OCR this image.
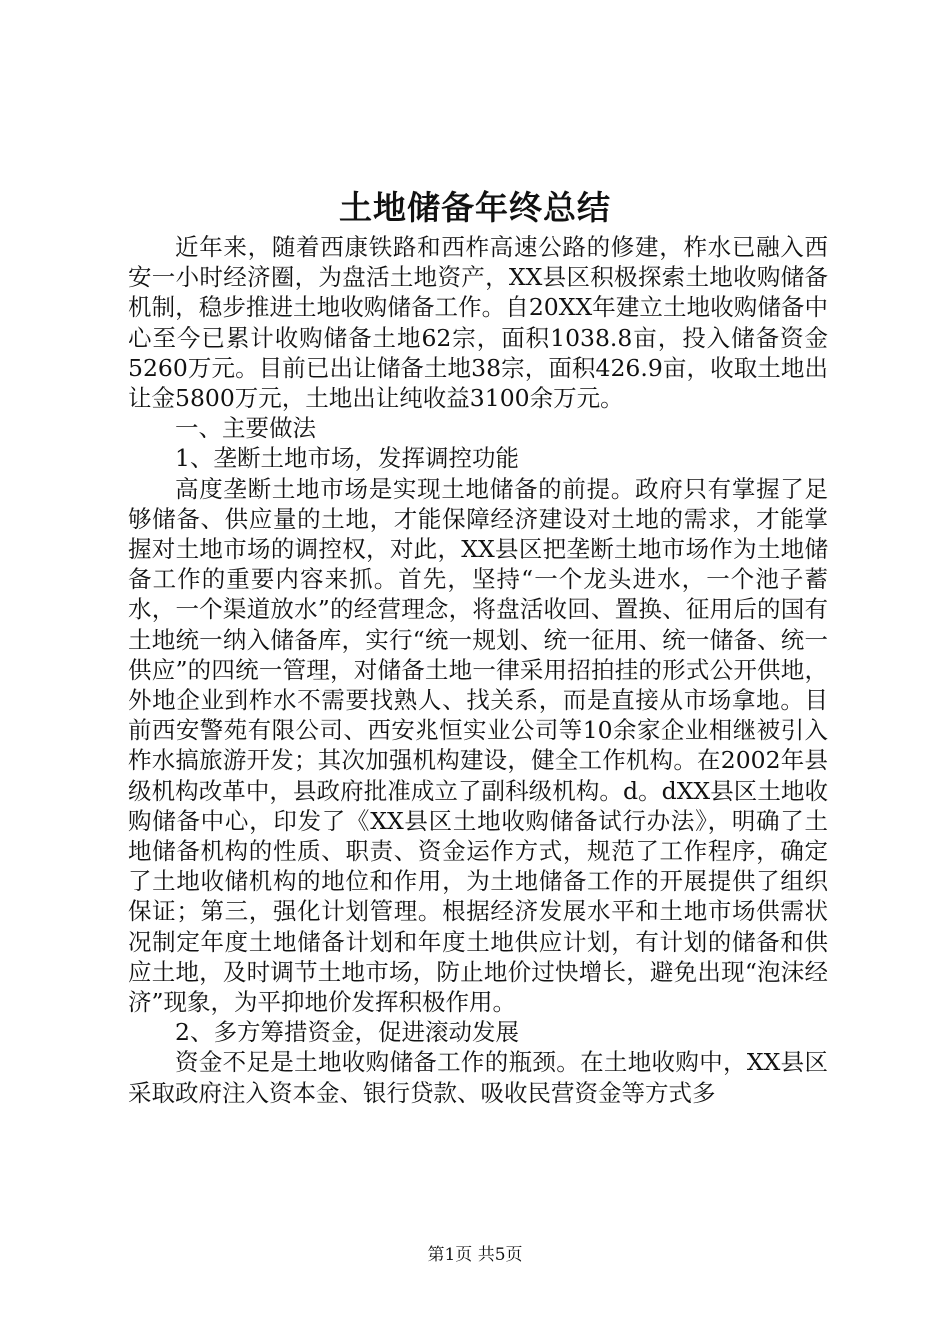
土地储备年终总结

近年来，随着西康铁路和西柞高速公路的修建，柞水已融入西安一小时经济圈，为盘活土地资产，XX县区积极探索土地收购储备机制，稳步推进土地收购储备工作。自20XX年建立土地收购储备中心至今已累计收购储备土地62宗，面积1038.8亩，投入储备资金5260万元。目前已出让储备土地38宗，面积426.9亩，收取土地出让金5800万元，土地出让纯收益3100余万元。

一、主要做法

1、垄断土地市场，发挥调控功能

高度垄断土地市场是实现土地储备的前提。政府只有掌握了足够储备、供应量的土地，才能保障经济建设对土地的需求，才能掌握对土地市场的调控权，对此，XX县区把垄断土地市场作为土地储备工作的重要内容来抓。首先，坚持“一个龙头进水，一个池子蓄水，一个渠道放水”的经营理念，将盘活收回、置换、征用后的国有土地统一纳入储备库，实行“统一规划、统一征用、统一储备、统一供应”的四统一管理，对储备土地一律采用招拍挂的形式公开供地，外地企业到柞水不需要找熟人、找关系，而是直接从市场拿地。目前西安警苑有限公司、西安兆恒实业公司等10余家企业相继被引入柞水搞旅游开发；其次加强机构建设，健全工作机构。在2002年县级机构改革中，县政府批准成立了副科级机构。d。dXX县区土地收购储备中心，印发了《XX县区土地收购储备试行办法》，明确了土地储备机构的性质、职责、资金运作方式，规范了工作程序，确定了土地收储机构的地位和作用，为土地储备工作的开展提供了组织保证；第三，强化计划管理。根据经济发展水平和土地市场供需状况制定年度土地储备计划和年度土地供应计划，有计划的储备和供应土地，及时调节土地市场，防止地价过快增长，避免出现“泡沫经济”现象，为平抑地价发挥积极作用。

2、多方筹措资金，促进滚动发展

资金不足是土地收购储备工作的瓶颈。在土地收购中，XX县区采取政府注入资本金、银行贷款、吸收民营资金等方式多

第1页 共5页
